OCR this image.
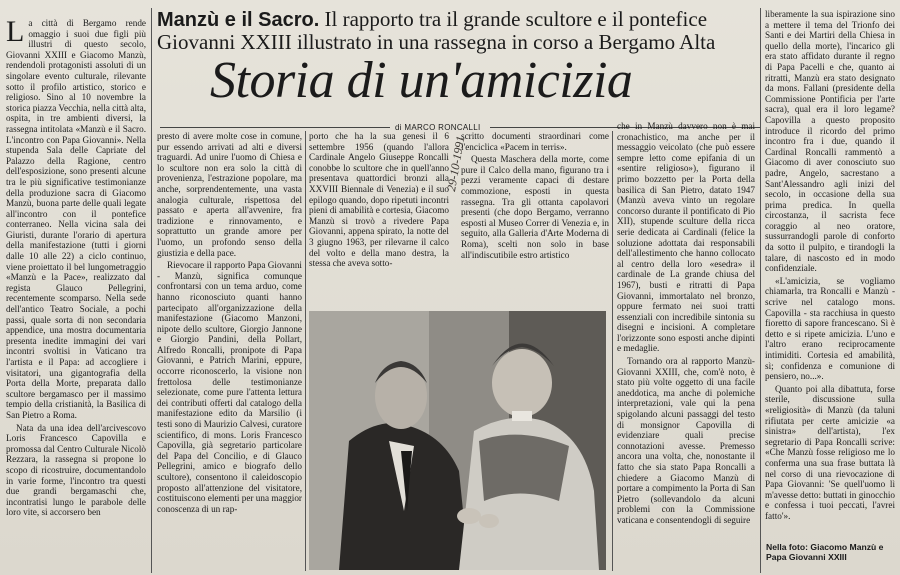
La città di Bergamo rende omaggio i suoi due figli più illustri di questo secolo, Giovanni XXIII e Giacomo Manzù, rendendoli protagonisti assoluti di un singolare evento culturale, rilevante sotto il profilo artistico, storico e religioso. Sino al 10 novembre la storica piazza Vecchia, nella città alta, ospita, in tre ambienti diversi, la rassegna intitolata «Manzù e il Sacro. L'incontro con Papa Giovanni». Nella stupenda Sala delle Capriate del Palazzo della Ragione, centro dell'esposizione, sono presenti alcune tra le più significative testimonianze della produzione sacra di Giacomo Manzù, buona parte delle quali legate all'incontro con il pontefice conterraneo. Nella vicina sala dei Giuristi, durante l'orario di apertura della manifestazione (tutti i giorni dalle 10 alle 22) a ciclo continuo, viene proiettato il bel lungometraggio «Manzù e la Pace», realizzato dal regista Glauco Pellegrini, recentemente scomparso. Nella sede dell'antico Teatro Sociale, a pochi passi, quale sorta di non secondaria appendice, una mostra documentaria presenta inedite immagini dei vari incontri svoltisi in Vaticano tra l'artista e il Papa: ad accogliere i visitatori, una gigantografia della Porta della Morte, preparata dallo scultore bergamasco per il massimo tempio della cristianità, la Basilica di San Pietro a Roma.

Nata da una idea dell'arcivescovo Loris Francesco Capovilla e promossa dal Centro Culturale Nicolò Rezzara, la rassegna si propone lo scopo di ricostruire, documentandolo in varie forme, l'incontro tra questi due grandi bergamaschi che, incontratisi lungo le parabole delle loro vite, si accorsero ben

Manzù e il Sacro. Il rapporto tra il grande scultore e il pontefice Giovanni XXIII illustrato in una rassegna in corso a Bergamo Alta
Storia di un'amicizia
di MARCO RONCALLI

presto di avere molte cose in comune, pur essendo arrivati ad alti e diversi traguardi. Ad unire l'uomo di Chiesa e lo scultore non era solo la città di provenienza, l'estrazione popolare, ma anche, sorprendentemente, una vasta analogia culturale, rispettosa del passato e aperta all'avvenire, fra tradizione e rinnovamento, e soprattutto un grande amore per l'uomo, un profondo senso della giustizia e della pace.

Rievocare il rapporto Papa Giovanni - Manzù, significa comunque confrontarsi con un tema arduo, come hanno riconosciuto quanti hanno partecipato all'organizzazione della manifestazione (Giacomo Manzoni, nipote dello scultore, Giorgio Jannone e Giorgio Pandini, della Pollart, Alfredo Roncalli, pronipote di Papa Giovanni, e Patrich Marini, eppure, occorre riconoscerlo, la visione non frettolosa delle testimonianze selezionate, come pure l'attenta lettura dei contributi offerti dal catalogo della manifestazione edito da Marsilio (i testi sono di Maurizio Calvesi, curatore scientifico, di mons. Loris Francesco Capovilla, già segretario particolare del Papa del Concilio, e di Glauco Pellegrini, amico e biografo dello scultore), consentono il caleidoscopio proposto all'attenzione del visitatore, costituiscono elementi per una maggior conoscenza di un rap-

porto che ha la sua genesi il 6 settembre 1956 (quando l'allora Cardinale Angelo Giuseppe Roncalli conobbe lo scultore che in quell'anno presentava quattordici bronzi alla XXVIII Biennale di Venezia) e il suo epilogo quando, dopo ripetuti incontri pieni di amabilità e cortesia, Giacomo Manzù si trovò a rivedere Papa Giovanni, appena spirato, la notte del 3 giugno 1963, per rilevarne il calco del volto e della mano destra, la stessa che aveva sotto-

scritto documenti straordinari come l'enciclica «Pacem in terris».

Questa Maschera della morte, come pure il Calco della mano, figurano tra i pezzi veramente capaci di destare commozione, esposti in questa rassegna. Tra gli ottanta capolavori presenti (che dopo Bergamo, verranno esposti al Museo Correr di Venezia e, in seguito, alla Galleria d'Arte Moderna di Roma), scelti non solo in base all'indiscutibile estro artistico

29-10-1991

che in Manzù davvero non è mai cronachistico, ma anche per il messaggio veicolato (che può essere sempre letto come epifania di un «sentire religioso»), figurano il primo bozzetto per la Porta della basilica di San Pietro, datato 1947 (Manzù aveva vinto un regolare concorso durante il pontificato di Pio XII), stupende sculture della ricca serie dedicata ai Cardinali (felice la soluzione adottata dai responsabili dell'allestimento che hanno collocato al centro della loro «esedra» il cardinale de La grande chiusa del 1967), busti e ritratti di Papa Giovanni, immortalato nel bronzo, oppure fermato nei suoi tratti essenziali con incredibile sintonia su disegni e incisioni. A completare l'orizzonte sono esposti anche dipinti e medaglie.

Tornando ora al rapporto Manzù-Giovanni XXIII, che, com'è noto, è stato più volte oggetto di una facile aneddotica, ma anche di polemiche interpretazioni, vale qui la pena spigolando alcuni passaggi del testo di monsignor Capovilla di evidenziare quali precise connotazioni avesse. Premesso ancora una volta, che, nonostante il fatto che sia stato Papa Roncalli a chiedere a Giacomo Manzù di portare a compimento la Porta di San Pietro (sollevandolo da alcuni problemi con la Commissione vaticana e consentendogli di seguire

liberamente la sua ispirazione sino a mettere il tema del Trionfo dei Santi e dei Martiri della Chiesa in quello della morte), l'incarico gli era stato affidato durante il regno di Papa Pacelli e che, quanto ai ritratti, Manzù era stato designato da mons. Fallani (presidente della Commissione Pontificia per l'arte sacra), qual era il loro legame? Capovilla a questo proposito introduce il ricordo del primo incontro fra i due, quando il Cardinal Roncalli rammentò a Giacomo di aver conosciuto suo padre, Angelo, sacrestano a Sant'Alessandro agli inizi del secolo, in occasione della sua prima predica. In quella circostanza, il sacrista fece coraggio al neo oratore, sussurrandogli parole di conforto da sotto il pulpito, e tirandogli la talare, di nascosto ed in modo confidenziale.

«L'amicizia, se vogliamo chiamarla, tra Roncalli e Manzù - scrive nel catalogo mons. Capovilla - sta racchiusa in questo fioretto di sapore francescano. Sì è detto e si ripete amicizia. L'uno e l'altro erano reciprocamente intimiditi. Cortesia ed amabilità, sì; confidenza e comunione di pensiero, no...».

Quanto poi alla dibattuta, forse sterile, discussione sulla «religiosità» di Manzù (da taluni rifiutata per certe amicizie «a sinistra» dell'artista), l'ex segretario di Papa Roncalli scrive: «Che Manzù fosse religioso me lo conferma una sua frase buttata là nel corso di una rievocazione di Papa Giovanni: 'Se quell'uomo lì m'avesse detto: buttati in ginocchio e confessa i tuoi peccati, l'avrei fatto'».

Nella foto: Giacomo Manzù e Papa Giovanni XXIII
